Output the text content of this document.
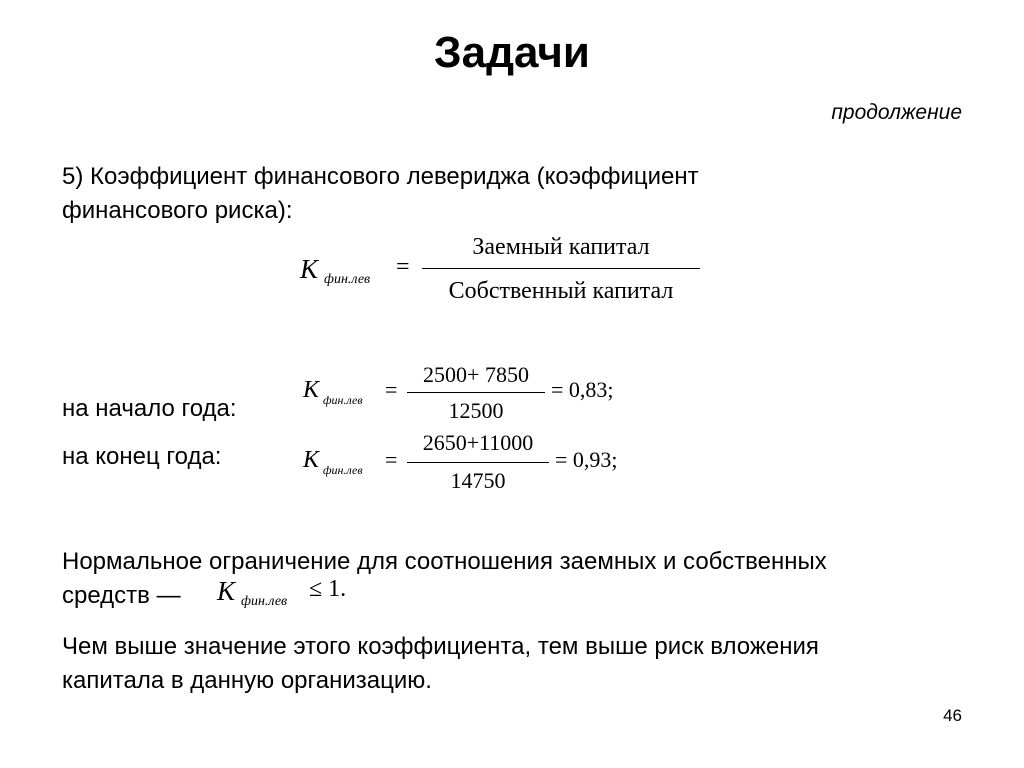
Задачи
продолжение
5) Коэффициент финансового левериджа (коэффициент
финансового риска):
К фин.лев =
Заемный капитал
Собственный капитал
на начало года:
К фин.лев =
2500+ 7850
12500
= 0,83;
на конец года:	К фин.лев =
2650+11000
14750
= 0,93;
Нормальное ограничение для соотношения заемных и собственных
средств — К фин.лев ≤ 1.
Чем выше значение этого коэффициента, тем выше риск вложения
капитала в данную организацию.
46
